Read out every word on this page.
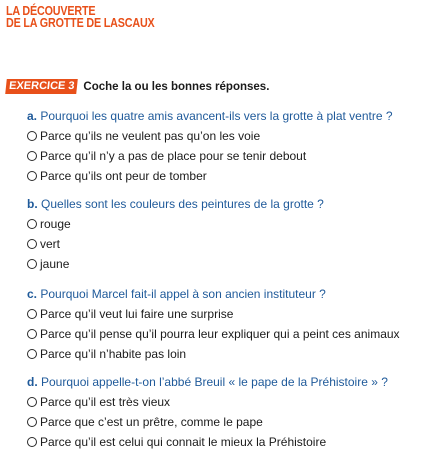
LA DÉCOUVERTE
DE LA GROTTE DE LASCAUX
EXERCICE 3 Coche la ou les bonnes réponses.
a. Pourquoi les quatre amis avancent-ils vers la grotte à plat ventre ?
Parce qu’ils ne veulent pas qu’on les voie
Parce qu’il n’y a pas de place pour se tenir debout
Parce qu’ils ont peur de tomber
b. Quelles sont les couleurs des peintures de la grotte ?
rouge
vert
jaune
c. Pourquoi Marcel fait-il appel à son ancien instituteur ?
Parce qu’il veut lui faire une surprise
Parce qu’il pense qu’il pourra leur expliquer qui a peint ces animaux
Parce qu’il n’habite pas loin
d. Pourquoi appelle-t-on l’abbé Breuil « le pape de la Préhistoire » ?
Parce qu’il est très vieux
Parce que c’est un prêtre, comme le pape
Parce qu’il est celui qui connait le mieux la Préhistoire
